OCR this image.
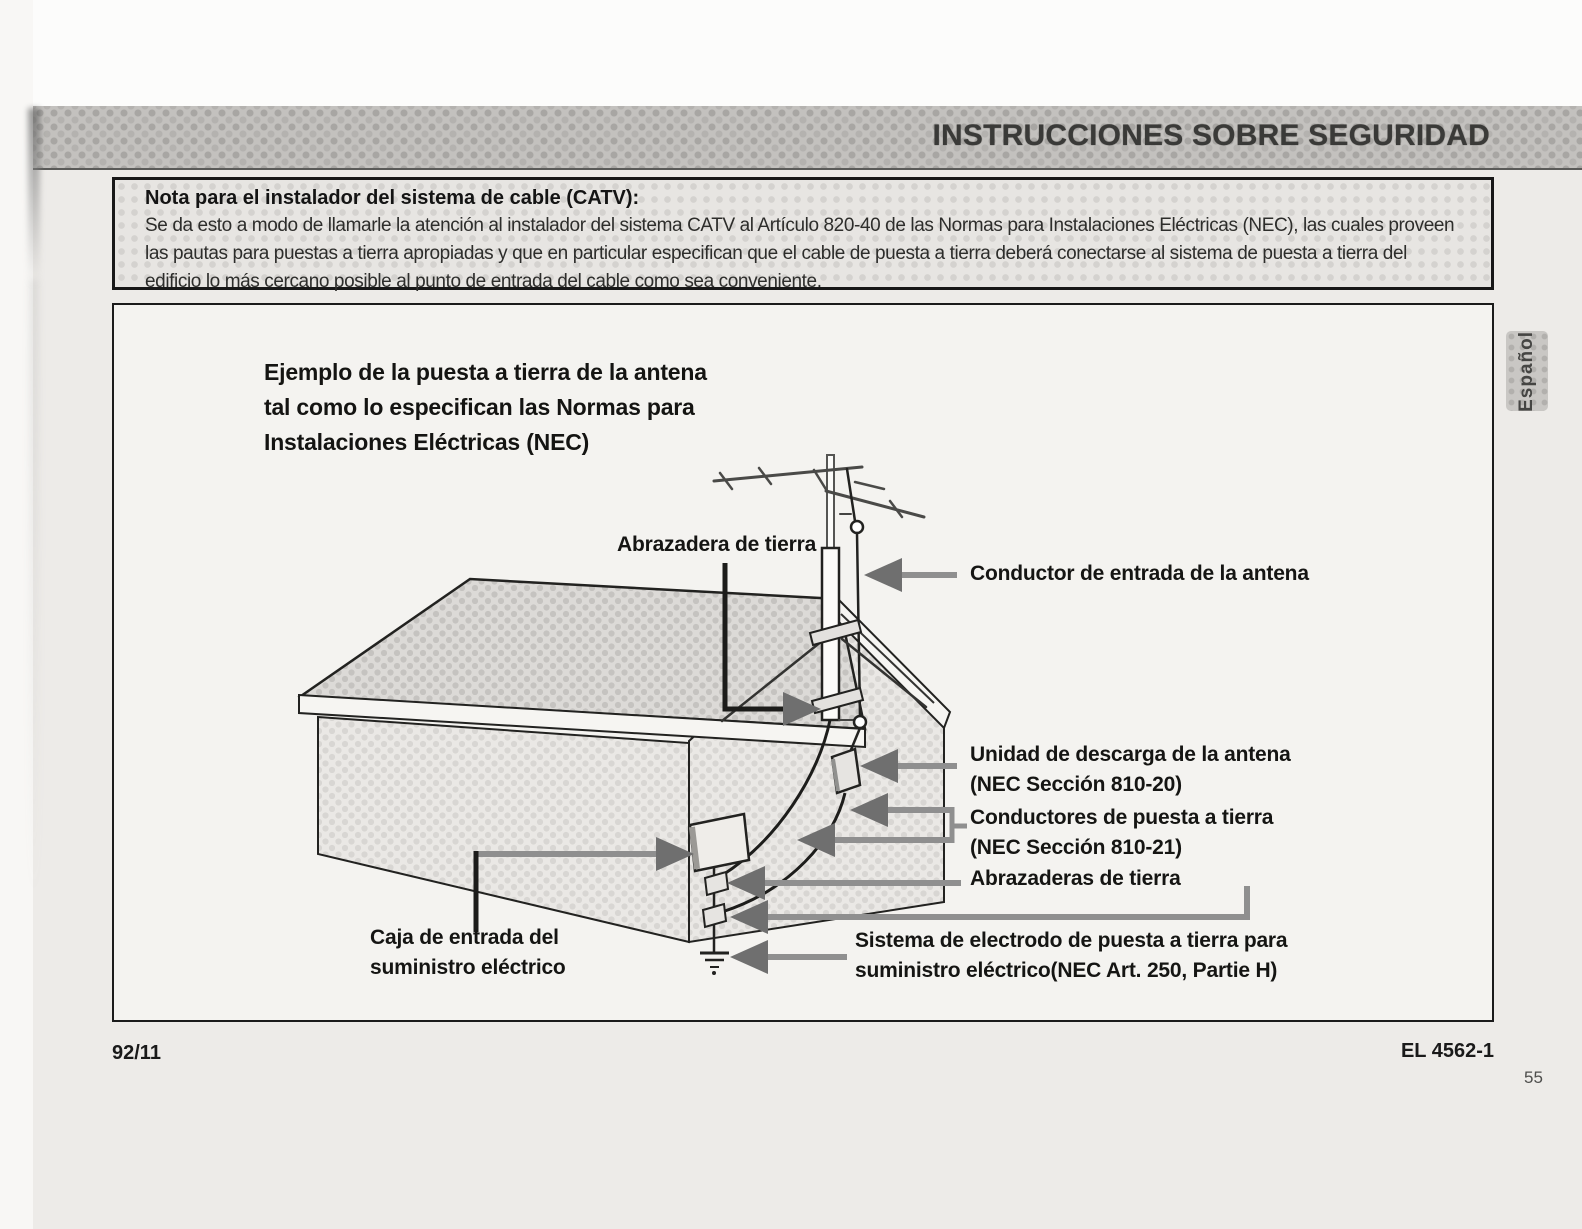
INSTRUCCIONES SOBRE SEGURIDAD
Nota para el instalador del sistema de cable (CATV):
Se da esto a modo de llamarle la atención al instalador del sistema CATV al Artículo 820-40 de las Normas para Instalaciones Eléctricas (NEC), las cuales proveen las pautas para puestas a tierra apropiadas y que en particular especifican que el cable de puesta a tierra deberá conectarse al sistema de puesta a tierra del edificio lo más cercano posible al punto de entrada del cable como sea conveniente.
Ejemplo de la puesta a tierra de la antena
tal como lo especifican las Normas para
Instalaciones Eléctricas (NEC)
Abrazadera de tierra
Conductor de entrada de la antena
Unidad de descarga de la antena
(NEC Sección 810-20)
Conductores de puesta a tierra
(NEC Sección 810-21)
Abrazaderas de tierra
Caja de entrada del
suministro eléctrico
Sistema de electrodo de puesta a tierra para
suministro eléctrico(NEC Art. 250, Partie H)
Español
92/11	EL 4562-1
55
